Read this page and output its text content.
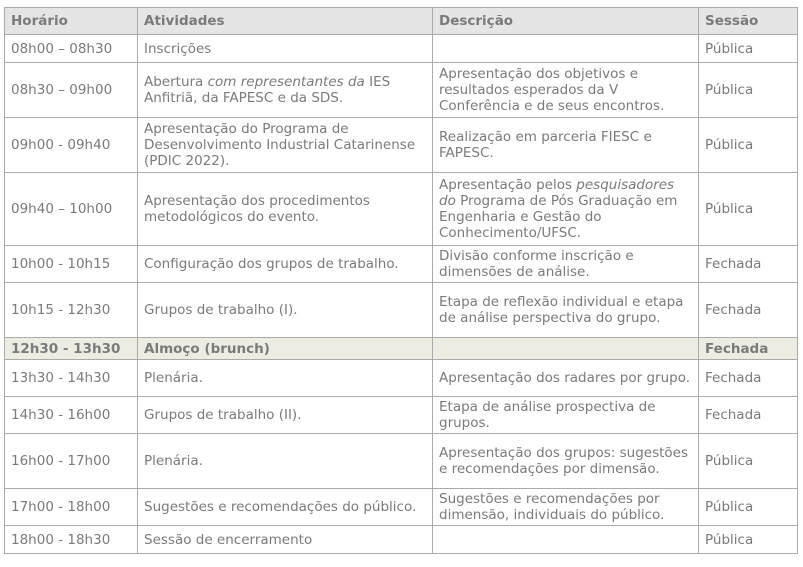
Horário	Atividades	Descrição	Sessão
08h00 – 08h30	Inscrições		Pública
08h30 – 09h00	Abertura com representantes da IES Anfitriã, da FAPESC e da SDS.	Apresentação dos objetivos e resultados esperados da V Conferência e de seus encontros.	Pública
09h00 - 09h40	Apresentação do Programa de Desenvolvimento Industrial Catarinense (PDIC 2022).	Realização em parceria FIESC e FAPESC.	Pública
09h40 – 10h00	Apresentação dos procedimentos metodológicos do evento.	Apresentação pelos pesquisadores do Programa de Pós Graduação em Engenharia e Gestão do Conhecimento/UFSC.	Pública
10h00 - 10h15	Configuração dos grupos de trabalho.	Divisão conforme inscrição e dimensões de análise.	Fechada
10h15 - 12h30	Grupos de trabalho (I).	Etapa de reflexão individual e etapa de análise perspectiva do grupo.	Fechada
12h30 - 13h30	Almoço (brunch)		Fechada
13h30 - 14h30	Plenária.	Apresentação dos radares por grupo.	Fechada
14h30 - 16h00	Grupos de trabalho (II).	Etapa de análise prospectiva de grupos.	Fechada
16h00 - 17h00	Plenária.	Apresentação dos grupos: sugestões e recomendações por dimensão.	Pública
17h00 - 18h00	Sugestões e recomendações do público.	Sugestões e recomendações por dimensão, individuais do público.	Pública
18h00 - 18h30	Sessão de encerramento		Pública
